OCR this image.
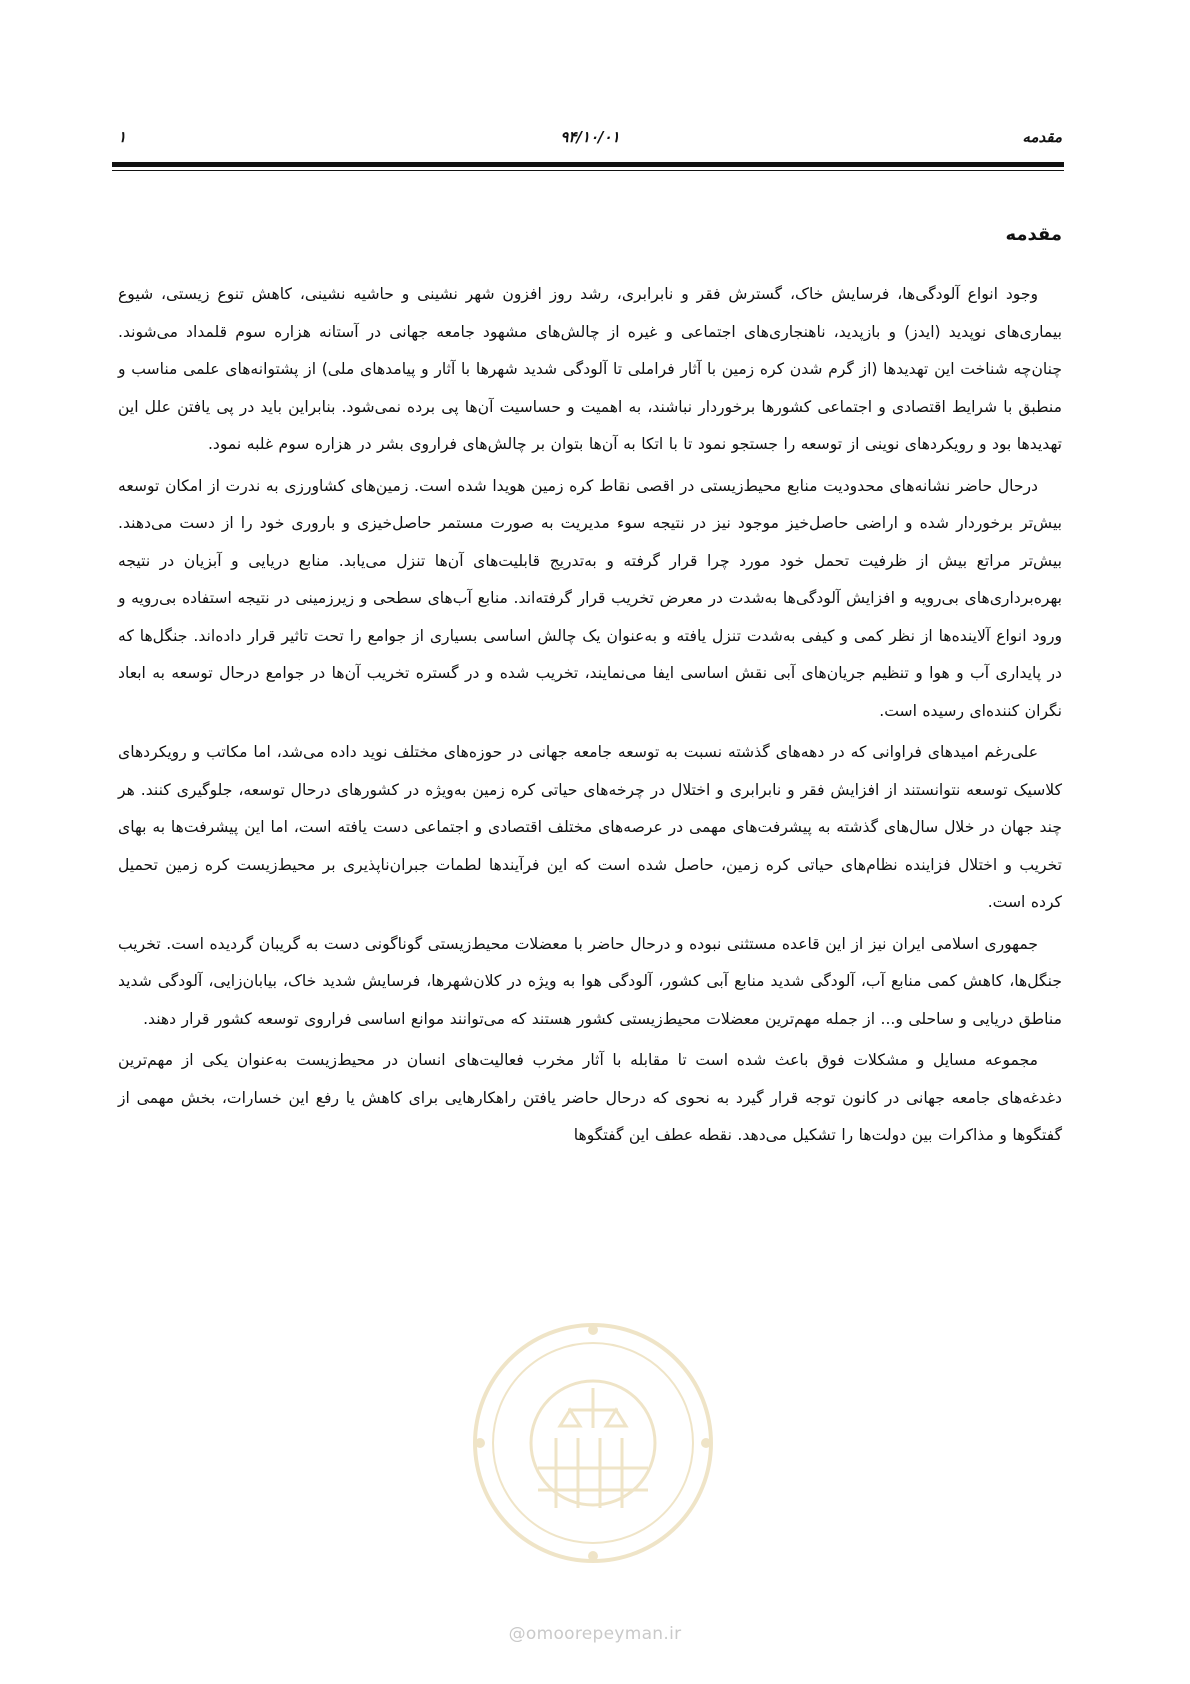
مقدمه
۹۴/۱۰/۰۱
۱
مقدمه

وجود انواع آلودگی‌ها، فرسایش خاک، گسترش فقر و نابرابری، رشد روز افزون شهر نشینی و حاشیه نشینی، کاهش تنوع زیستی، شیوع بیماری‌های نوپدید (ایدز) و بازپدید، ناهنجاری‌های اجتماعی و غیره از چالش‌های مشهود جامعه جهانی در آستانه هزاره سوم قلمداد می‌شوند. چنان‌چه شناخت این تهدیدها (از گرم شدن کره زمین با آثار فراملی تا آلودگی شدید شهرها با آثار و پیامدهای ملی) از پشتوانه‌های علمی مناسب و منطبق با شرایط اقتصادی و اجتماعی کشورها برخوردار نباشند، به اهمیت و حساسیت آن‌ها پی برده نمی‌شود. بنابراین باید در پی یافتن علل این تهدیدها بود و رویکردهای نوینی از توسعه را جستجو نمود تا با اتکا به آن‌ها بتوان بر چالش‌های فراروی بشر در هزاره سوم غلبه نمود.

درحال حاضر نشانه‌های محدودیت منابع محیط‌زیستی در اقصی نقاط کره زمین هویدا شده است. زمین‌های کشاورزی به ندرت از امکان توسعه بیش‌تر برخوردار شده و اراضی حاصل‌خیز موجود نیز در نتیجه سوء مدیریت به صورت مستمر حاصل‌خیزی و باروری خود را از دست می‌دهند. بیش‌تر مراتع بیش از ظرفیت تحمل خود مورد چرا قرار گرفته و به‌تدریج قابلیت‌های آن‌ها تنزل می‌یابد. منابع دریایی و آبزیان در نتیجه بهره‌برداری‌های بی‌رویه و افزایش آلودگی‌ها به‌شدت در معرض تخریب قرار گرفته‌اند. منابع آب‌های سطحی و زیرزمینی در نتیجه استفاده بی‌رویه و ورود انواع آلاینده‌ها از نظر کمی و کیفی به‌شدت تنزل یافته و به‌عنوان یک چالش اساسی بسیاری از جوامع را تحت تاثیر قرار داده‌اند. جنگل‌ها که در پایداری آب و هوا و تنظیم جریان‌های آبی نقش اساسی ایفا می‌نمایند، تخریب شده و در گستره تخریب آن‌ها در جوامع درحال توسعه به ابعاد نگران کننده‌ای رسیده است.

علی‌رغم امیدهای فراوانی که در دهه‌های گذشته نسبت به توسعه جامعه جهانی در حوزه‌های مختلف نوید داده می‌شد، اما مکاتب و رویکردهای کلاسیک توسعه نتوانستند از افزایش فقر و نابرابری و اختلال در چرخه‌های حیاتی کره زمین به‌ویژه در کشورهای درحال توسعه، جلوگیری کنند. هر چند جهان در خلال سال‌های گذشته به پیشرفت‌های مهمی در عرصه‌های مختلف اقتصادی و اجتماعی دست یافته است، اما این پیشرفت‌ها به بهای تخریب و اختلال فزاینده نظام‌های حیاتی کره زمین، حاصل شده است که این فرآیندها لطمات جبران‌ناپذیری بر محیط‌زیست کره زمین تحمیل کرده است.

جمهوری اسلامی ایران نیز از این قاعده مستثنی نبوده و درحال حاضر با معضلات محیط‌زیستی گوناگونی دست به گریبان گردیده است. تخریب جنگل‌ها، کاهش کمی منابع آب، آلودگی شدید منابع آبی کشور، آلودگی هوا به ویژه در کلان‌شهرها، فرسایش شدید خاک، بیابان‌زایی، آلودگی شدید مناطق دریایی و ساحلی و... از جمله مهم‌ترین معضلات محیط‌زیستی کشور هستند که می‌توانند موانع اساسی فراروی توسعه کشور قرار دهند.

مجموعه مسایل و مشکلات فوق باعث شده است تا مقابله با آثار مخرب فعالیت‌های انسان در محیط‌زیست به‌عنوان یکی از مهم‌ترین دغدغه‌های جامعه جهانی در کانون توجه قرار گیرد به نحوی که درحال حاضر یافتن راهکارهایی برای کاهش یا رفع این خسارات، بخش مهمی از گفتگوها و مذاکرات بین دولت‌ها را تشکیل می‌دهد. نقطه عطف این گفتگوها

@omoorepeyman.ir
